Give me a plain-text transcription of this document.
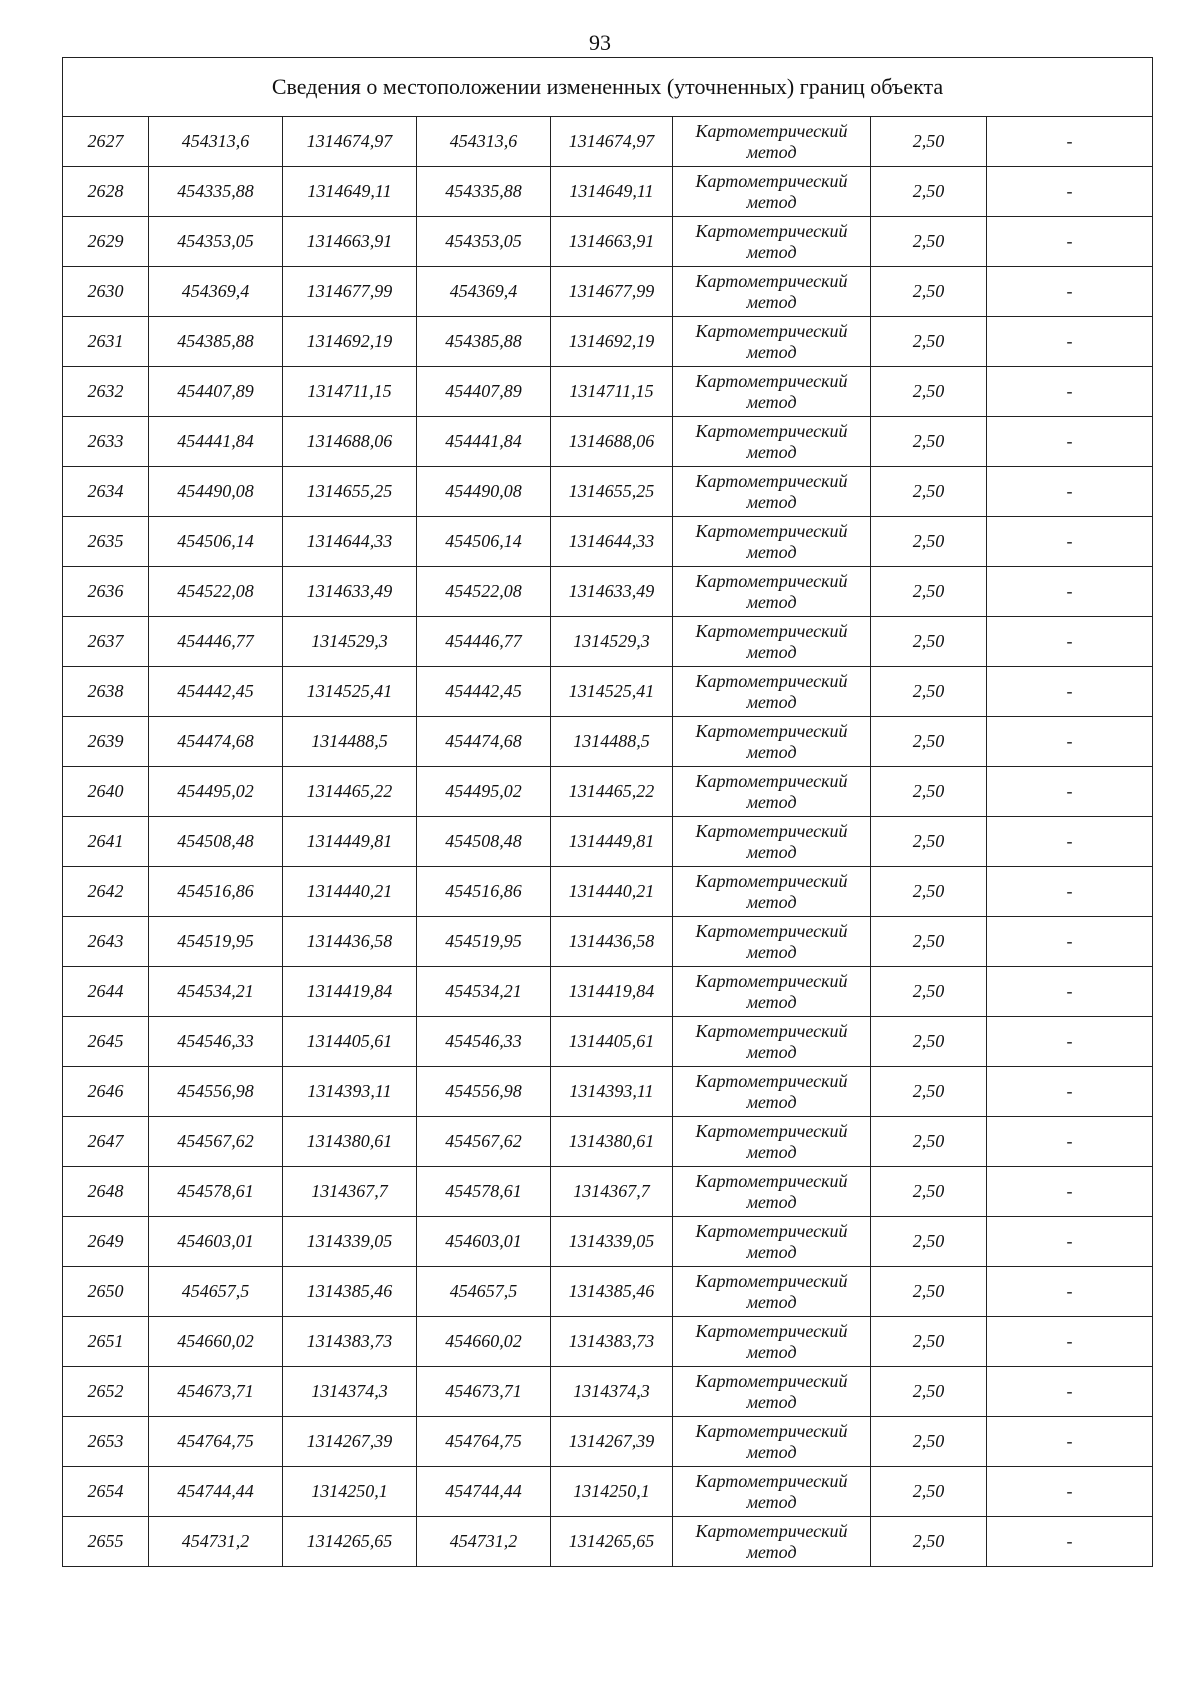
93
Сведения о местоположении измененных (уточненных) границ объекта							
2627	454313,6	1314674,97	454313,6	1314674,97	Картометрический метод	2,50	-
2628	454335,88	1314649,11	454335,88	1314649,11	Картометрический метод	2,50	-
2629	454353,05	1314663,91	454353,05	1314663,91	Картометрический метод	2,50	-
2630	454369,4	1314677,99	454369,4	1314677,99	Картометрический метод	2,50	-
2631	454385,88	1314692,19	454385,88	1314692,19	Картометрический метод	2,50	-
2632	454407,89	1314711,15	454407,89	1314711,15	Картометрический метод	2,50	-
2633	454441,84	1314688,06	454441,84	1314688,06	Картометрический метод	2,50	-
2634	454490,08	1314655,25	454490,08	1314655,25	Картометрический метод	2,50	-
2635	454506,14	1314644,33	454506,14	1314644,33	Картометрический метод	2,50	-
2636	454522,08	1314633,49	454522,08	1314633,49	Картометрический метод	2,50	-
2637	454446,77	1314529,3	454446,77	1314529,3	Картометрический метод	2,50	-
2638	454442,45	1314525,41	454442,45	1314525,41	Картометрический метод	2,50	-
2639	454474,68	1314488,5	454474,68	1314488,5	Картометрический метод	2,50	-
2640	454495,02	1314465,22	454495,02	1314465,22	Картометрический метод	2,50	-
2641	454508,48	1314449,81	454508,48	1314449,81	Картометрический метод	2,50	-
2642	454516,86	1314440,21	454516,86	1314440,21	Картометрический метод	2,50	-
2643	454519,95	1314436,58	454519,95	1314436,58	Картометрический метод	2,50	-
2644	454534,21	1314419,84	454534,21	1314419,84	Картометрический метод	2,50	-
2645	454546,33	1314405,61	454546,33	1314405,61	Картометрический метод	2,50	-
2646	454556,98	1314393,11	454556,98	1314393,11	Картометрический метод	2,50	-
2647	454567,62	1314380,61	454567,62	1314380,61	Картометрический метод	2,50	-
2648	454578,61	1314367,7	454578,61	1314367,7	Картометрический метод	2,50	-
2649	454603,01	1314339,05	454603,01	1314339,05	Картометрический метод	2,50	-
2650	454657,5	1314385,46	454657,5	1314385,46	Картометрический метод	2,50	-
2651	454660,02	1314383,73	454660,02	1314383,73	Картометрический метод	2,50	-
2652	454673,71	1314374,3	454673,71	1314374,3	Картометрический метод	2,50	-
2653	454764,75	1314267,39	454764,75	1314267,39	Картометрический метод	2,50	-
2654	454744,44	1314250,1	454744,44	1314250,1	Картометрический метод	2,50	-
2655	454731,2	1314265,65	454731,2	1314265,65	Картометрический метод	2,50	-
